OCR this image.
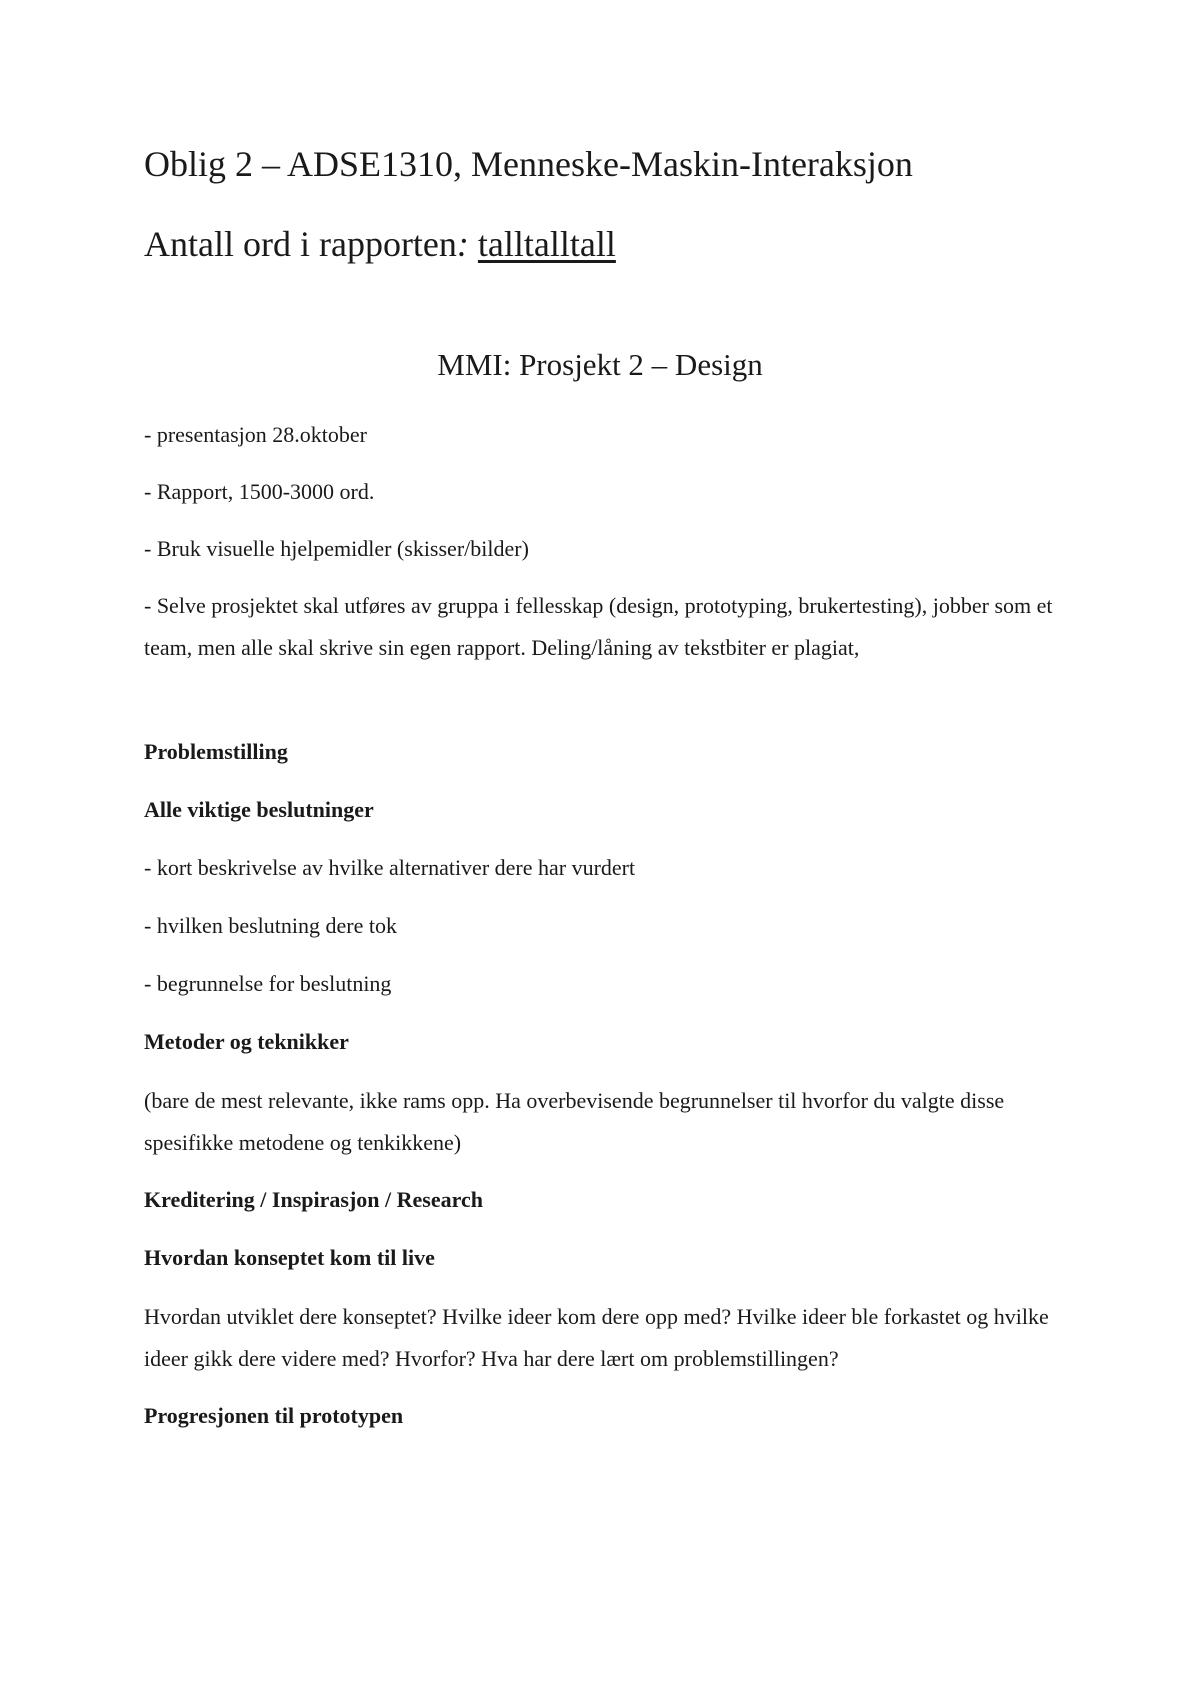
Oblig 2 – ADSE1310, Menneske-Maskin-Interaksjon
Antall ord i rapporten: talltalltall
MMI: Prosjekt 2 – Design
- presentasjon 28.oktober
- Rapport, 1500-3000 ord.
- Bruk visuelle hjelpemidler (skisser/bilder)
- Selve prosjektet skal utføres av gruppa i fellesskap (design, prototyping, brukertesting), jobber som et team, men alle skal skrive sin egen rapport. Deling/låning av tekstbiter er plagiat,
Problemstilling
Alle viktige beslutninger
- kort beskrivelse av hvilke alternativer dere har vurdert
- hvilken beslutning dere tok
- begrunnelse for beslutning
Metoder og teknikker
(bare de mest relevante, ikke rams opp. Ha overbevisende begrunnelser til hvorfor du valgte disse spesifikke metodene og tenkikkene)
Kreditering / Inspirasjon / Research
Hvordan konseptet kom til live
Hvordan utviklet dere konseptet? Hvilke ideer kom dere opp med? Hvilke ideer ble forkastet og hvilke ideer gikk dere videre med? Hvorfor? Hva har dere lært om problemstillingen?
Progresjonen til prototypen
